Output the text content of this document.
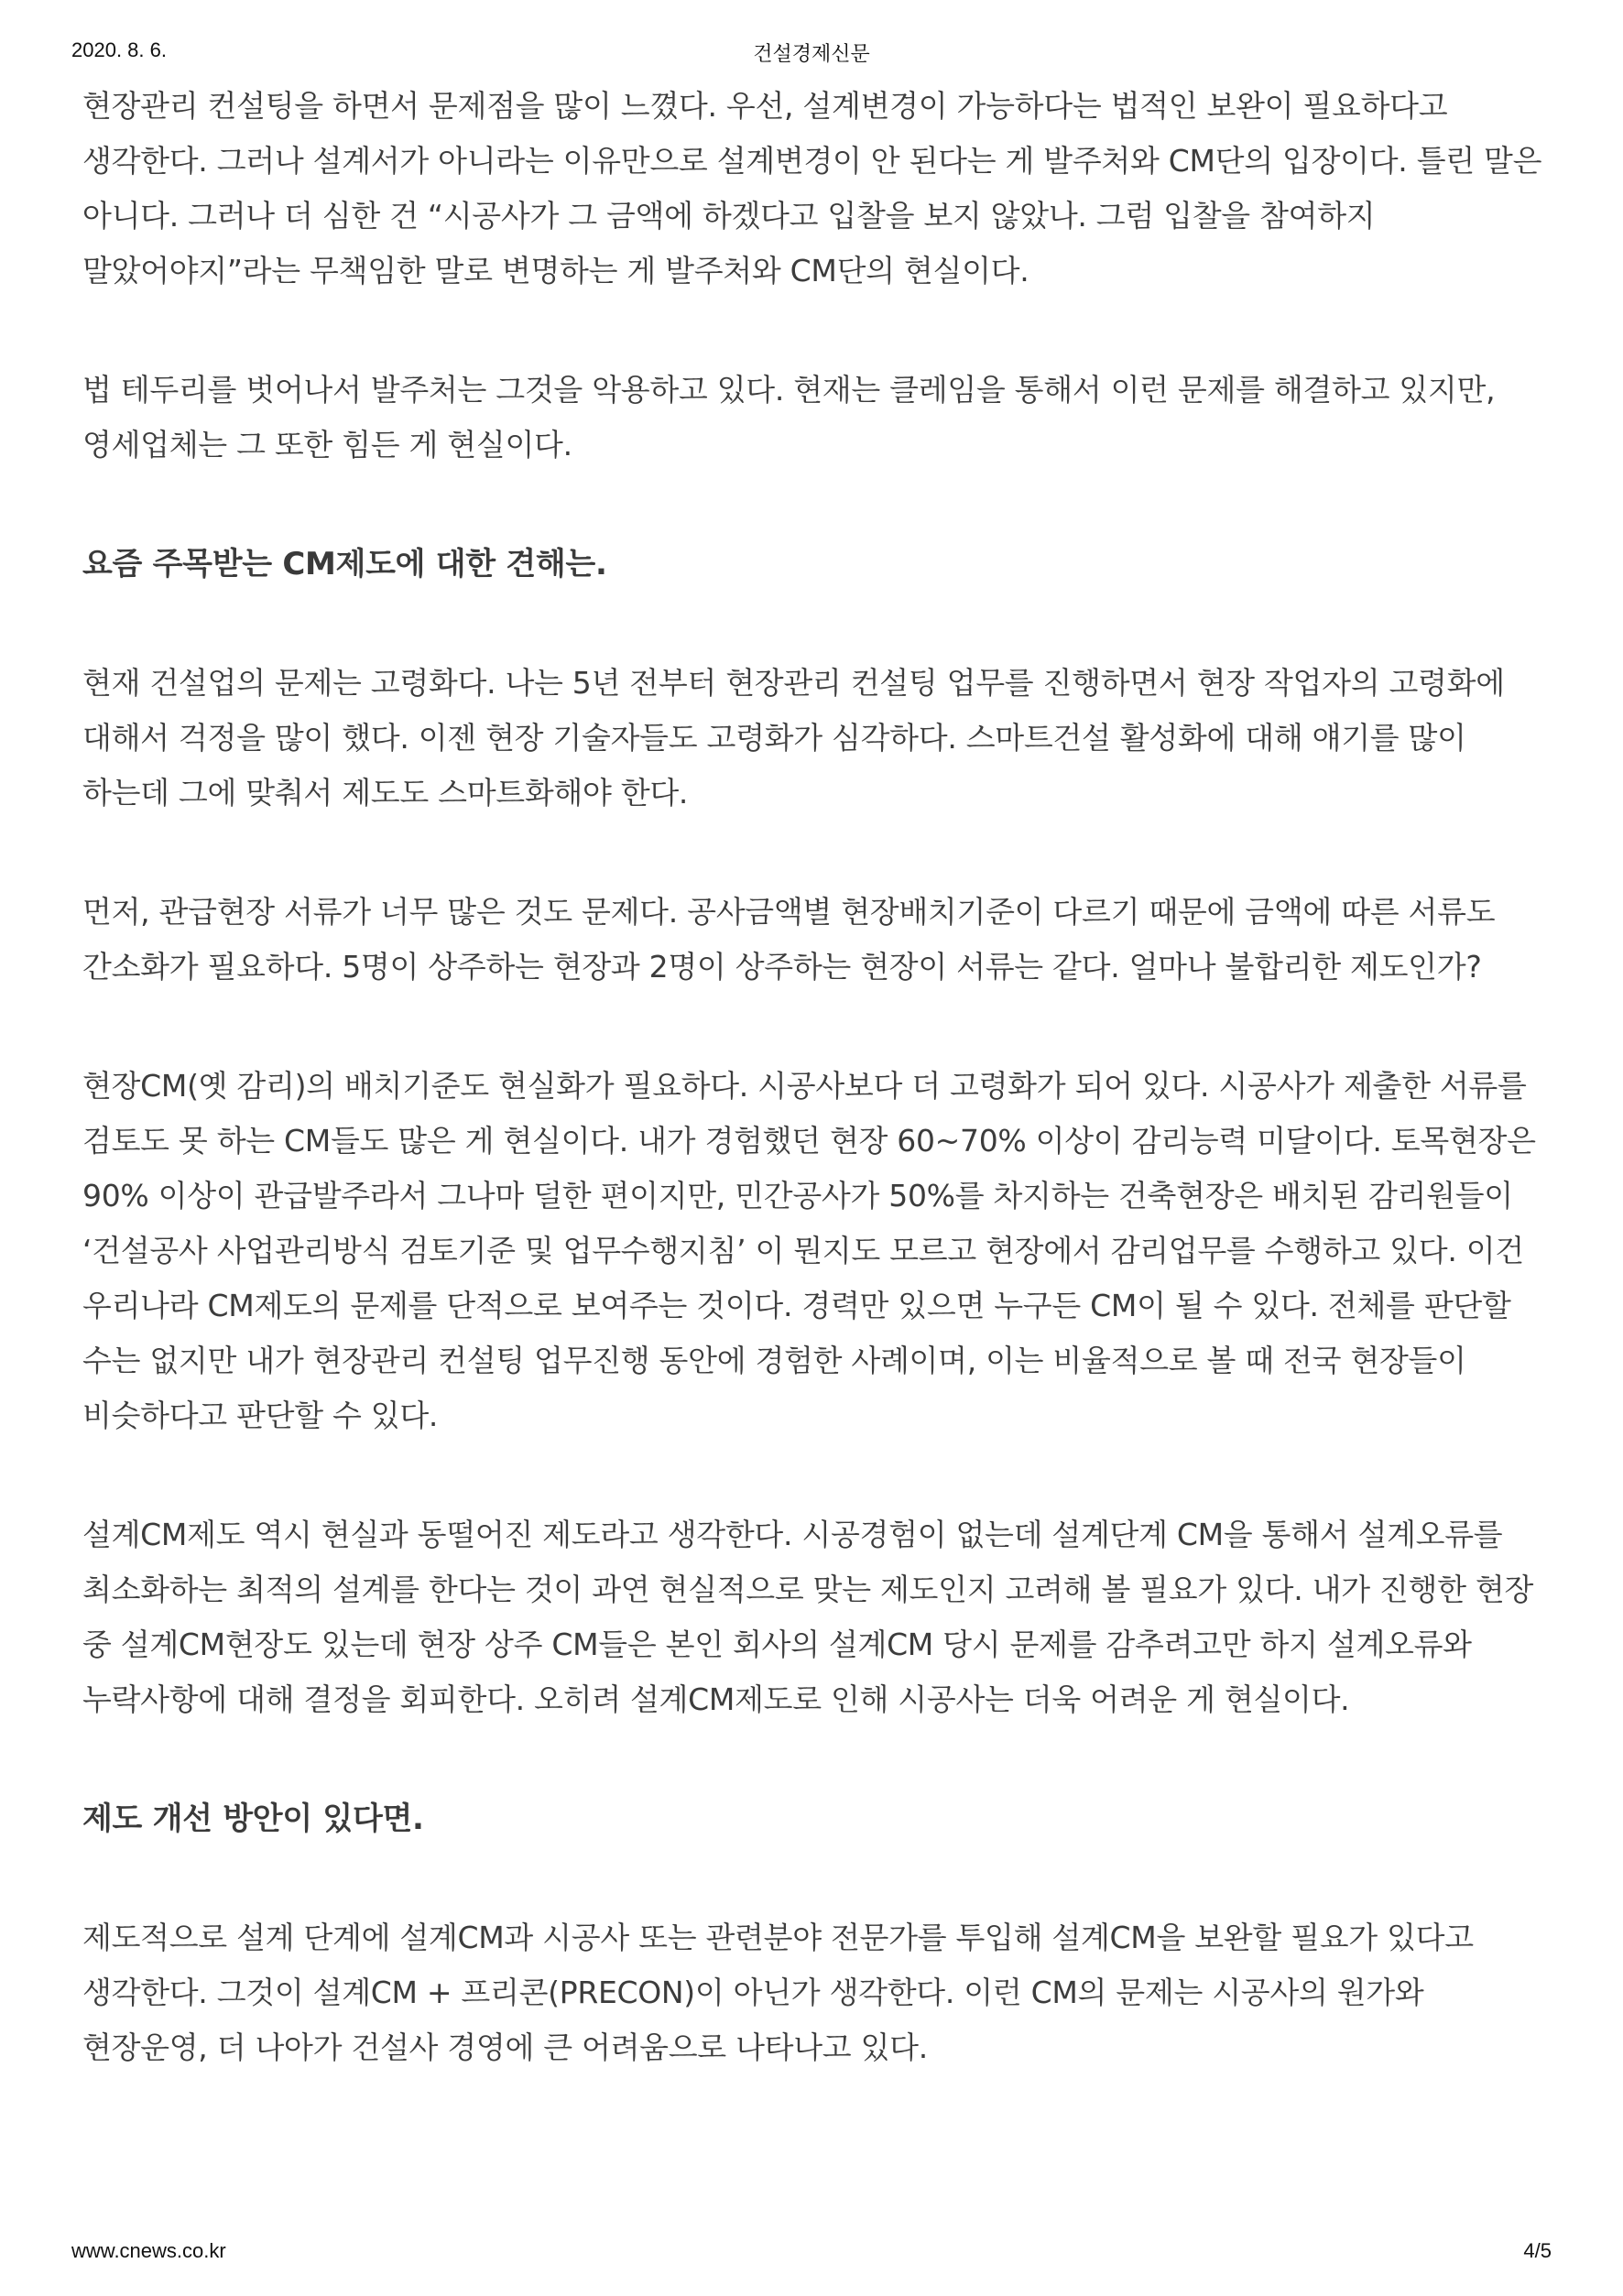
2020. 8. 6.	건설경제신문

현장관리 컨설팅을 하면서 문제점을 많이 느꼈다. 우선, 설계변경이 가능하다는 법적인 보완이 필요하다고 생각한다. 그러나 설계서가 아니라는 이유만으로 설계변경이 안 된다는 게 발주처와 CM단의 입장이다. 틀린 말은 아니다. 그러나 더 심한 건 “시공사가 그 금액에 하겠다고 입찰을 보지 않았나. 그럼 입찰을 참여하지 말았어야지”라는 무책임한 말로 변명하는 게 발주처와 CM단의 현실이다.

법 테두리를 벗어나서 발주처는 그것을 악용하고 있다. 현재는 클레임을 통해서 이런 문제를 해결하고 있지만, 영세업체는 그 또한 힘든 게 현실이다.

요즘 주목받는 CM제도에 대한 견해는.

현재 건설업의 문제는 고령화다. 나는 5년 전부터 현장관리 컨설팅 업무를 진행하면서 현장 작업자의 고령화에 대해서 걱정을 많이 했다. 이젠 현장 기술자들도 고령화가 심각하다. 스마트건설 활성화에 대해 얘기를 많이 하는데 그에 맞춰서 제도도 스마트화해야 한다.

먼저, 관급현장 서류가 너무 많은 것도 문제다. 공사금액별 현장배치기준이 다르기 때문에 금액에 따른 서류도 간소화가 필요하다. 5명이 상주하는 현장과 2명이 상주하는 현장이 서류는 같다. 얼마나 불합리한 제도인가?

현장CM(옛 감리)의 배치기준도 현실화가 필요하다. 시공사보다 더 고령화가 되어 있다. 시공사가 제출한 서류를 검토도 못 하는 CM들도 많은 게 현실이다. 내가 경험했던 현장 60~70% 이상이 감리능력 미달이다. 토목현장은 90% 이상이 관급발주라서 그나마 덜한 편이지만, 민간공사가 50%를 차지하는 건축현장은 배치된 감리원들이 ‘건설공사 사업관리방식 검토기준 및 업무수행지침’ 이 뭔지도 모르고 현장에서 감리업무를 수행하고 있다. 이건 우리나라 CM제도의 문제를 단적으로 보여주는 것이다. 경력만 있으면 누구든 CM이 될 수 있다. 전체를 판단할 수는 없지만 내가 현장관리 컨설팅 업무진행 동안에 경험한 사례이며, 이는 비율적으로 볼 때 전국 현장들이 비슷하다고 판단할 수 있다.

설계CM제도 역시 현실과 동떨어진 제도라고 생각한다. 시공경험이 없는데 설계단계 CM을 통해서 설계오류를 최소화하는 최적의 설계를 한다는 것이 과연 현실적으로 맞는 제도인지 고려해 볼 필요가 있다. 내가 진행한 현장 중 설계CM현장도 있는데 현장 상주 CM들은 본인 회사의 설계CM 당시 문제를 감추려고만 하지 설계오류와 누락사항에 대해 결정을 회피한다. 오히려 설계CM제도로 인해 시공사는 더욱 어려운 게 현실이다.

제도 개선 방안이 있다면.

제도적으로 설계 단계에 설계CM과 시공사 또는 관련분야 전문가를 투입해 설계CM을 보완할 필요가 있다고 생각한다. 그것이 설계CM + 프리콘(PRECON)이 아닌가 생각한다. 이런 CM의 문제는 시공사의 원가와 현장운영, 더 나아가 건설사 경영에 큰 어려움으로 나타나고 있다.

www.cnews.co.kr	4/5
